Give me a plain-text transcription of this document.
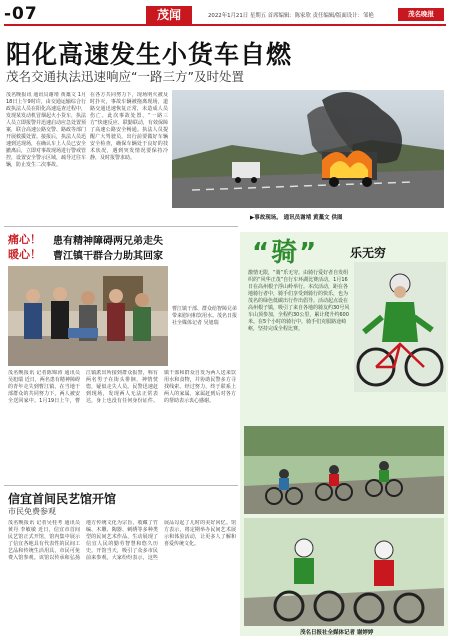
-07	茂闻	2022年1月21日 星期五 首席编辑：陈家欣 责任编辑/版面设计：邹艳	茂名晚报
阳化高速发生小货车自燃
茂名交通执法迅速响应“一路三方”及时处置
茂名晚报讯 通讯员谢靖 黄藁文 1月18日上午9时许，由交通运输综合行政执法人员在阳化高速巡查过程中，发现某发动机冒烟起火小货车，执法人员立即报警并迅速启动应急处置预案，联合高速公路交警、路政等部门开展救援处置。接报后，执法人员迅速到达现场，在确认车上人员已安全撤离后，立即对事故现场进行警戒管控，设置安全警示区域，疏导过往车辆，防止发生二次事故。
在各方共同努力下，现场明火被及时扑灭，事故车辆被拖离现场，道路交通迅速恢复正常，未造成人员伤亡。此次事故处置，“一路三方”快速反应、联勤联动，有效保障了高速公路安全畅通。执法人员提醒广大驾驶员，出行前要做好车辆安全检查，确保车辆处于良好的技术状况，遇到突发情况要保持冷静，及时报警求助。
▶事故现场。 通讯员谢靖 黄藁文 供图
痛心！
暖心！
患有精神障碍两兄弟走失
曹江镇干群合力助其回家
曹江镇干部、群众给智障兄弟带来慰问和饮用水。茂名日报社全媒体记者 吴旭瑞
茂名晚报讯 记者陈锦涛 通讯员吴旭瑞 近日，两名患有精神障碍的青年走失到曹江镇，在当地干部群众的共同努力下，两人被安全送回家中。1月19日上午，曹江镇派出所接到群众报警，称有两名男子在街头徘徊，神情恍惚，疑似走失人员。民警迅速赶到现场，发现两人无法正常表达，身上也没有任何身份证件。镇干部和群众自发为两人送来饮用水和食物，并协助民警多方寻找线索。经过努力，终于联系上两人的家属，家属赶到后对各方的帮助表示衷心感谢。
信宜首间民艺馆开馆
市民免费参观
茂名晚报讯 记者吴桂考 通讯员黄丹 李敏敏 近日，信宜市首间民艺馆正式开馆，馆内集中展示了信宜各地具有代表性的民间工艺品和传统生活用具，市民可免费入馆参观。该馆以传承和弘扬地方传统文化为宗旨，收藏了竹编、木雕、陶器、刺绣等多种类型的民间艺术作品，生动展现了信宜人民的勤劳智慧和悠久历史。开馆当天，吸引了众多市民前来参观，大家纷纷表示，这些展品勾起了儿时的美好回忆。馆方表示，将定期举办民间艺术展示和体验活动，让更多人了解和喜爱传统文化。
“骑”	乐无穷
激情无限，“骑”乐无穷。由骑行爱好者自发组织的“风华正茂”自行车环湖比赛活动，1月16日在高州根子浮山岭举行。本次活动，距在各地骑行者中，骑手们享受到骑行的快乐，也为茂名的绿色低碳出行作出倡导。活动起点设在高州根子镇，吸引了来自各地的骑友约30号风车山顶参加，全程约30公里，累计爬升约600米。在5个小时的骑行中，骑手们克服路途崎岖，坚持完成全程比赛。
茂名日报社全媒体记者 谢婷婷
